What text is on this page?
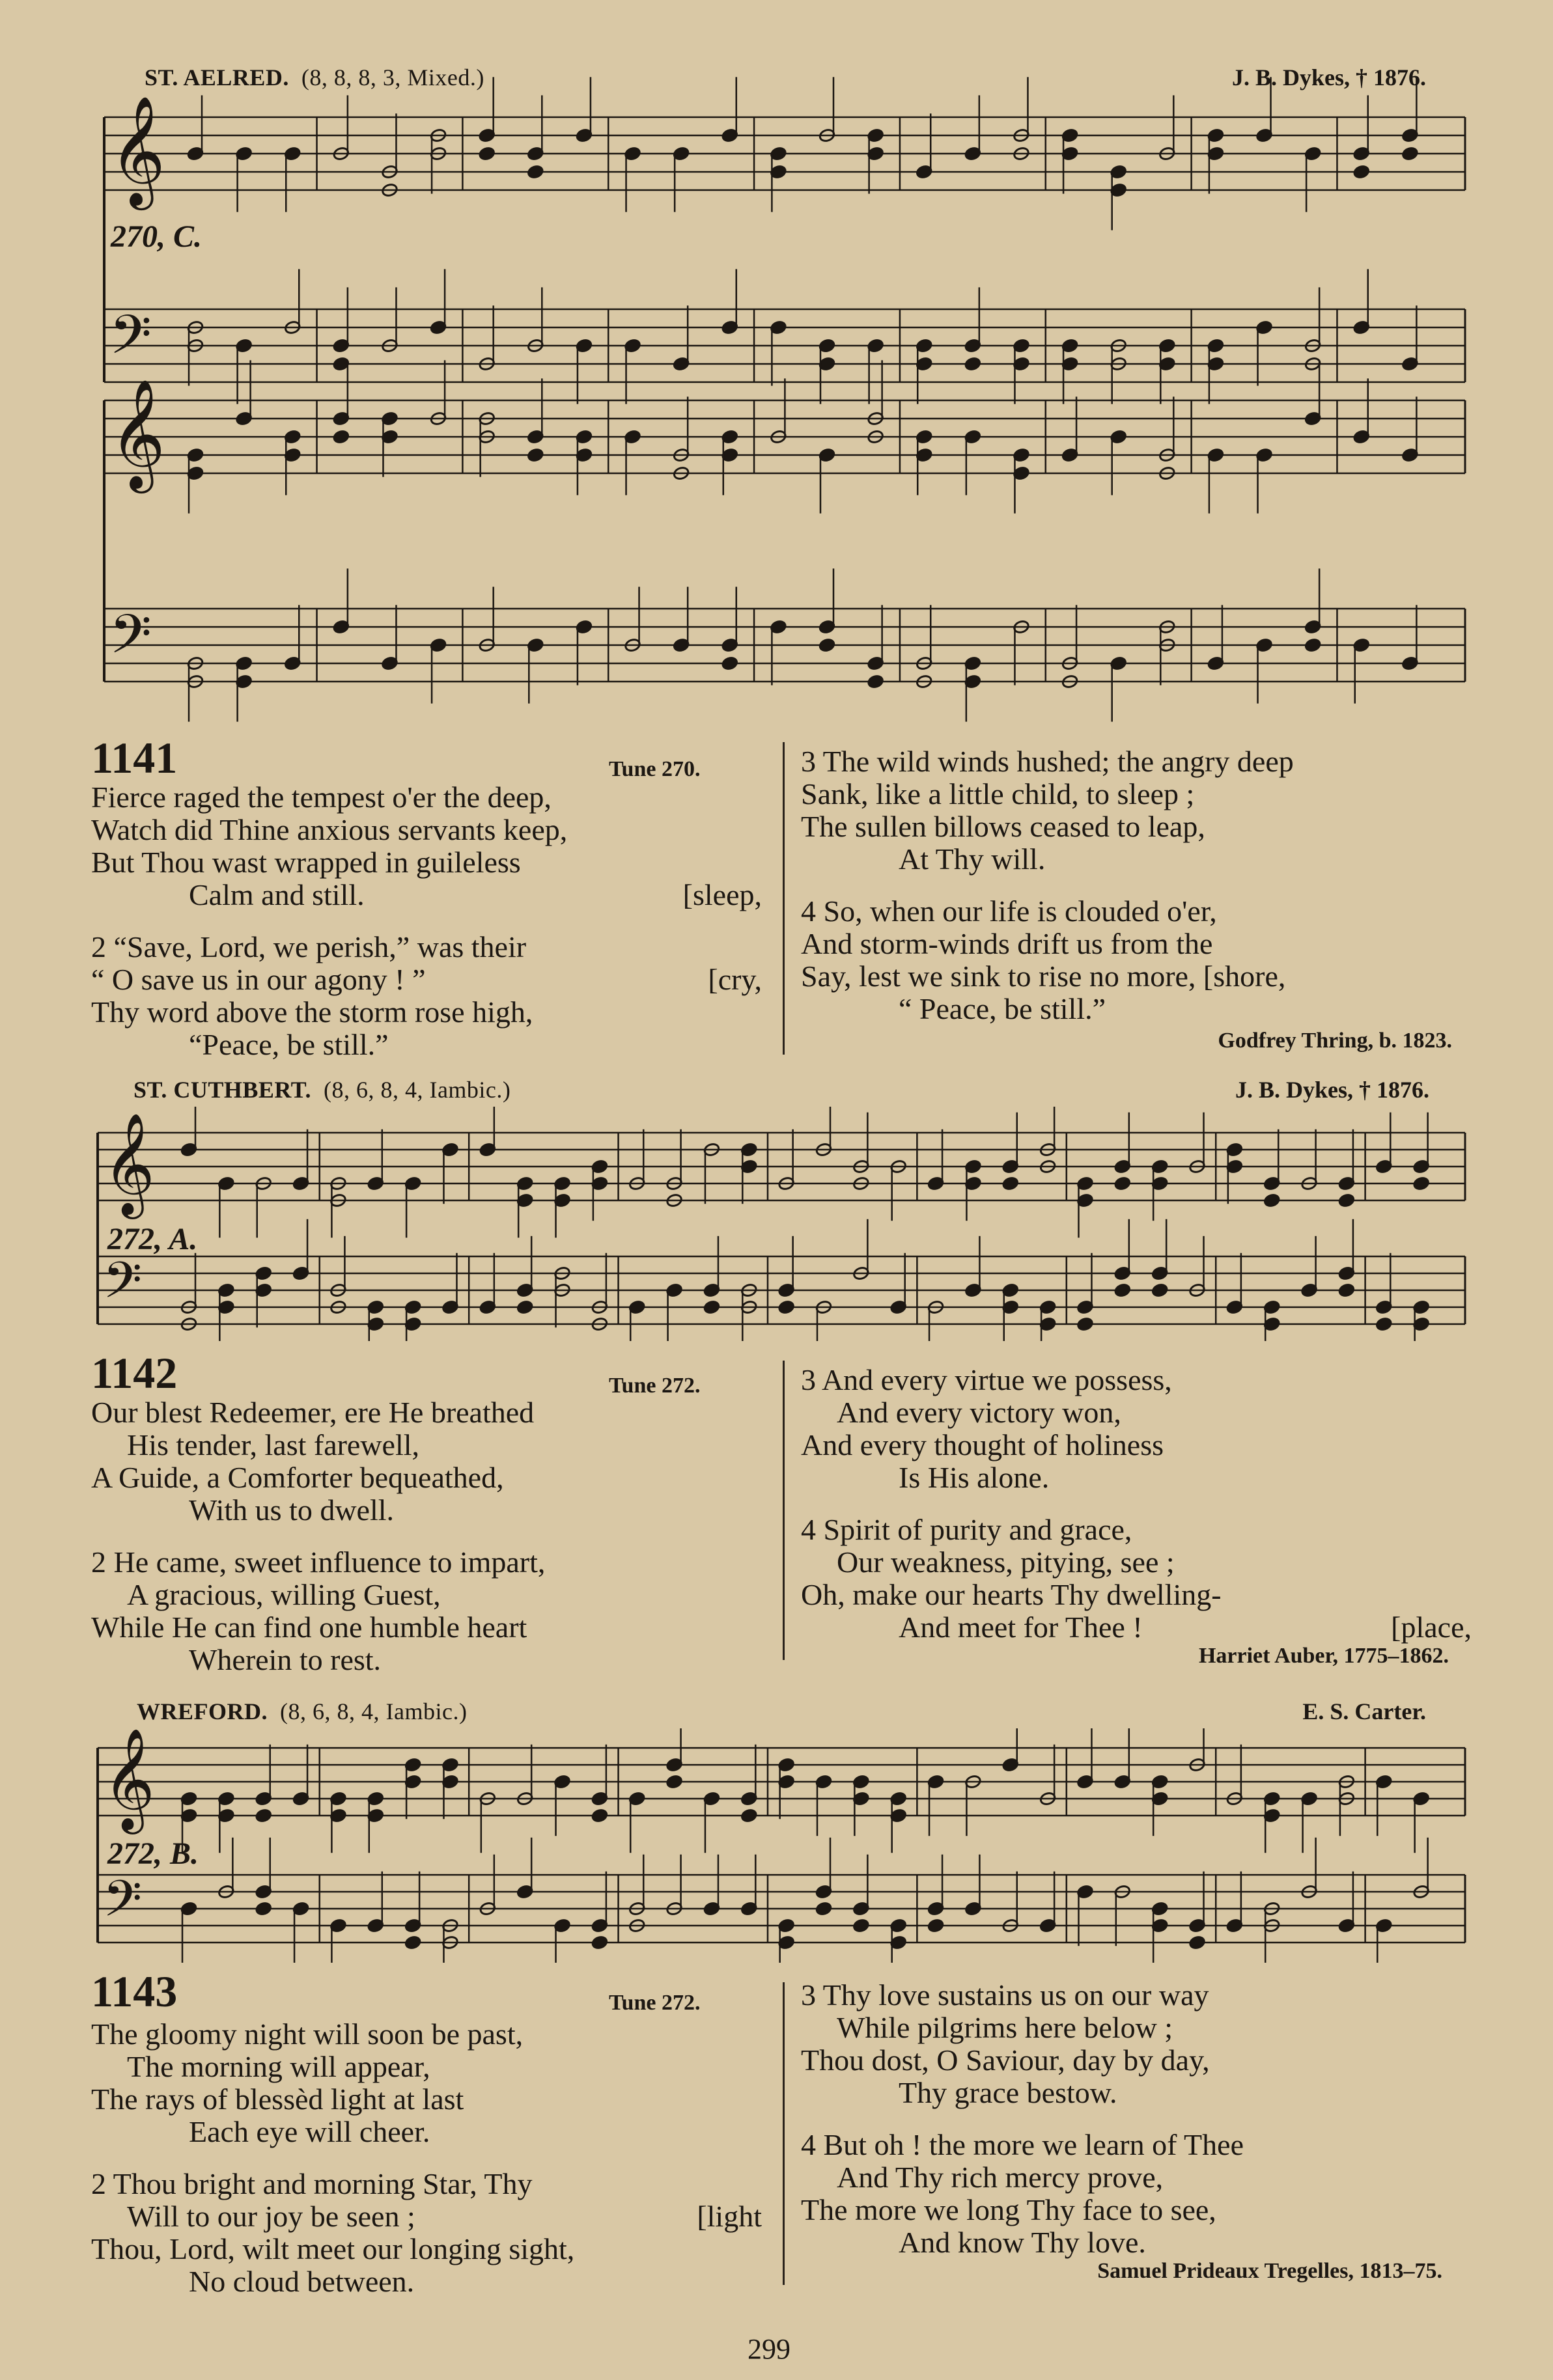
ST. AELRED. (8, 8, 8, 3, Mixed.)	J. B. Dykes, † 1876.
𝄞
𝄢
𝄞
𝄢
270, C.
1141	Tune 270.
Fierce raged the tempest o'er the deep,
Watch did Thine anxious servants keep,
But Thou wast wrapped in guileless
Calm and still.	[sleep,
2 “Save, Lord, we perish,” was their
“ O save us in our agony ! ”	[cry,
Thy word above the storm rose high,
“Peace, be still.”
3 The wild winds hushed; the angry deep
Sank, like a little child, to sleep ;
The sullen billows ceased to leap,
At Thy will.
4 So, when our life is clouded o'er,
And storm-winds drift us from the
Say, lest we sink to rise no more, [shore,
“ Peace, be still.”
Godfrey Thring, b. 1823.
ST. CUTHBERT. (8, 6, 8, 4, Iambic.)	J. B. Dykes, † 1876.
𝄞
𝄢
272, A.
1142	Tune 272.
Our blest Redeemer, ere He breathed
His tender, last farewell,
A Guide, a Comforter bequeathed,
With us to dwell.
2 He came, sweet influence to impart,
A gracious, willing Guest,
While He can find one humble heart
Wherein to rest.
3 And every virtue we possess,
And every victory won,
And every thought of holiness
Is His alone.
4 Spirit of purity and grace,
Our weakness, pitying, see ;
Oh, make our hearts Thy dwelling-
And meet for Thee !	[place,
Harriet Auber, 1775–1862.
WREFORD. (8, 6, 8, 4, Iambic.)	E. S. Carter.
𝄞
𝄢
272, B.
1143	Tune 272.
The gloomy night will soon be past,
The morning will appear,
The rays of blessèd light at last
Each eye will cheer.
2 Thou bright and morning Star, Thy
Will to our joy be seen ;	[light
Thou, Lord, wilt meet our longing sight,
No cloud between.
3 Thy love sustains us on our way
While pilgrims here below ;
Thou dost, O Saviour, day by day,
Thy grace bestow.
4 But oh ! the more we learn of Thee
And Thy rich mercy prove,
The more we long Thy face to see,
And know Thy love.
Samuel Prideaux Tregelles, 1813–75.
299
